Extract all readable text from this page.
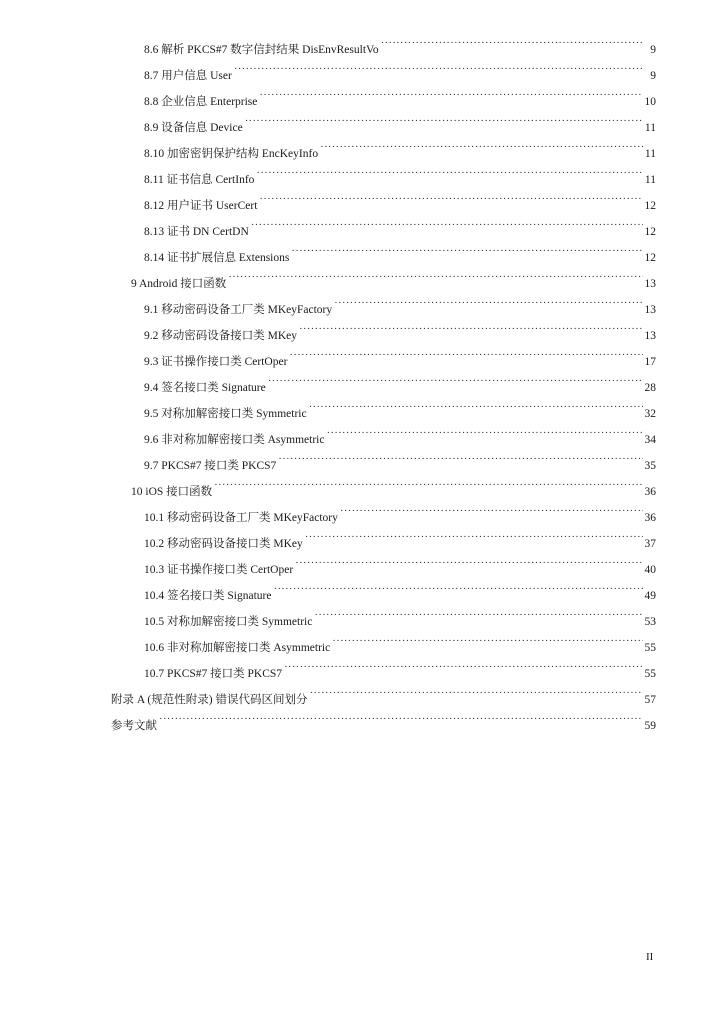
8.6 解析 PKCS#7 数字信封结果 DisEnvResultVo ·····	9
8.7 用户信息 User ·····	9
8.8 企业信息 Enterprise ·····	10
8.9 设备信息 Device ·····	11
8.10 加密密钥保护结构 EncKeyInfo ·····	11
8.11 证书信息 CertInfo ·····	11
8.12 用户证书 UserCert ·····	12
8.13 证书 DN CertDN ·····	12
8.14 证书扩展信息 Extensions ·····	12
9 Android 接口函数 ·····	13
9.1 移动密码设备工厂类 MKeyFactory ·····	13
9.2 移动密码设备接口类 MKey ·····	13
9.3 证书操作接口类 CertOper ·····	17
9.4 签名接口类 Signature ·····	28
9.5 对称加解密接口类 Symmetric ·····	32
9.6 非对称加解密接口类 Asymmetric ·····	34
9.7 PKCS#7 接口类 PKCS7 ·····	35
10 iOS 接口函数 ·····	36
10.1 移动密码设备工厂类 MKeyFactory ·····	36
10.2 移动密码设备接口类 MKey ·····	37
10.3 证书操作接口类 CertOper ·····	40
10.4 签名接口类 Signature ·····	49
10.5 对称加解密接口类 Symmetric ·····	53
10.6 非对称加解密接口类 Asymmetric ·····	55
10.7 PKCS#7 接口类 PKCS7 ·····	55
附录 A (规范性附录) 错误代码区间划分 ·····	57
参考文献 ·····	59
II
